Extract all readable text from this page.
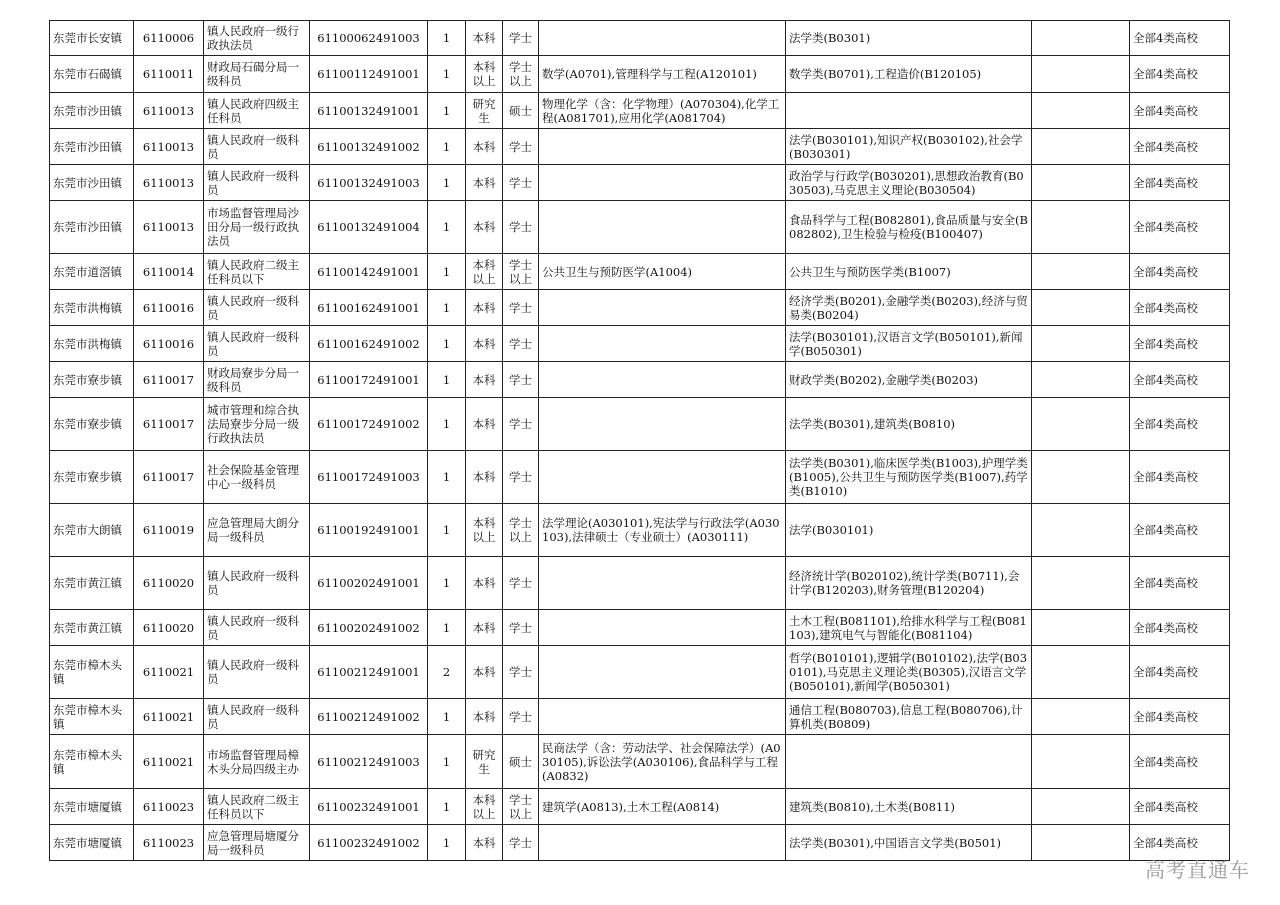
东莞市长安镇	6110006	镇人民政府一级行政执法员	61100062491003	1	本科	学士		法学类(B0301)		全部4类高校
东莞市石碣镇	6110011	财政局石碣分局一级科员	61100112491001	1	本科以上	学士以上	数学(A0701),管理科学与工程(A120101)	数学类(B0701),工程造价(B120105)		全部4类高校
东莞市沙田镇	6110013	镇人民政府四级主任科员	61100132491001	1	研究生	硕士	物理化学（含：化学物理）(A070304),化学工程(A081701),应用化学(A081704)			全部4类高校
东莞市沙田镇	6110013	镇人民政府一级科员	61100132491002	1	本科	学士		法学(B030101),知识产权(B030102),社会学(B030301)		全部4类高校
东莞市沙田镇	6110013	镇人民政府一级科员	61100132491003	1	本科	学士		政治学与行政学(B030201),思想政治教育(B030503),马克思主义理论(B030504)		全部4类高校
东莞市沙田镇	6110013	市场监督管理局沙田分局一级行政执法员	61100132491004	1	本科	学士		食品科学与工程(B082801),食品质量与安全(B082802),卫生检验与检疫(B100407)		全部4类高校
东莞市道滘镇	6110014	镇人民政府二级主任科员以下	61100142491001	1	本科以上	学士以上	公共卫生与预防医学(A1004)	公共卫生与预防医学类(B1007)		全部4类高校
东莞市洪梅镇	6110016	镇人民政府一级科员	61100162491001	1	本科	学士		经济学类(B0201),金融学类(B0203),经济与贸易类(B0204)		全部4类高校
东莞市洪梅镇	6110016	镇人民政府一级科员	61100162491002	1	本科	学士		法学(B030101),汉语言文学(B050101),新闻学(B050301)		全部4类高校
东莞市寮步镇	6110017	财政局寮步分局一级科员	61100172491001	1	本科	学士		财政学类(B0202),金融学类(B0203)		全部4类高校
东莞市寮步镇	6110017	城市管理和综合执法局寮步分局一级行政执法员	61100172491002	1	本科	学士		法学类(B0301),建筑类(B0810)		全部4类高校
东莞市寮步镇	6110017	社会保险基金管理中心一级科员	61100172491003	1	本科	学士		法学类(B0301),临床医学类(B1003),护理学类(B1005),公共卫生与预防医学类(B1007),药学类(B1010)		全部4类高校
东莞市大朗镇	6110019	应急管理局大朗分局一级科员	61100192491001	1	本科以上	学士以上	法学理论(A030101),宪法学与行政法学(A030103),法律硕士（专业硕士）(A030111)	法学(B030101)		全部4类高校
东莞市黄江镇	6110020	镇人民政府一级科员	61100202491001	1	本科	学士		经济统计学(B020102),统计学类(B0711),会计学(B120203),财务管理(B120204)		全部4类高校
东莞市黄江镇	6110020	镇人民政府一级科员	61100202491002	1	本科	学士		土木工程(B081101),给排水科学与工程(B081103),建筑电气与智能化(B081104)		全部4类高校
东莞市樟木头镇	6110021	镇人民政府一级科员	61100212491001	2	本科	学士		哲学(B010101),逻辑学(B010102),法学(B030101),马克思主义理论类(B0305),汉语言文学(B050101),新闻学(B050301)		全部4类高校
东莞市樟木头镇	6110021	镇人民政府一级科员	61100212491002	1	本科	学士		通信工程(B080703),信息工程(B080706),计算机类(B0809)		全部4类高校
东莞市樟木头镇	6110021	市场监督管理局樟木头分局四级主办	61100212491003	1	研究生	硕士	民商法学（含：劳动法学、社会保障法学）(A030105),诉讼法学(A030106),食品科学与工程(A0832)			全部4类高校
东莞市塘厦镇	6110023	镇人民政府二级主任科员以下	61100232491001	1	本科以上	学士以上	建筑学(A0813),土木工程(A0814)	建筑类(B0810),土木类(B0811)		全部4类高校
东莞市塘厦镇	6110023	应急管理局塘厦分局一级科员	61100232491002	1	本科	学士		法学类(B0301),中国语言文学类(B0501)		全部4类高校
高考直通车
